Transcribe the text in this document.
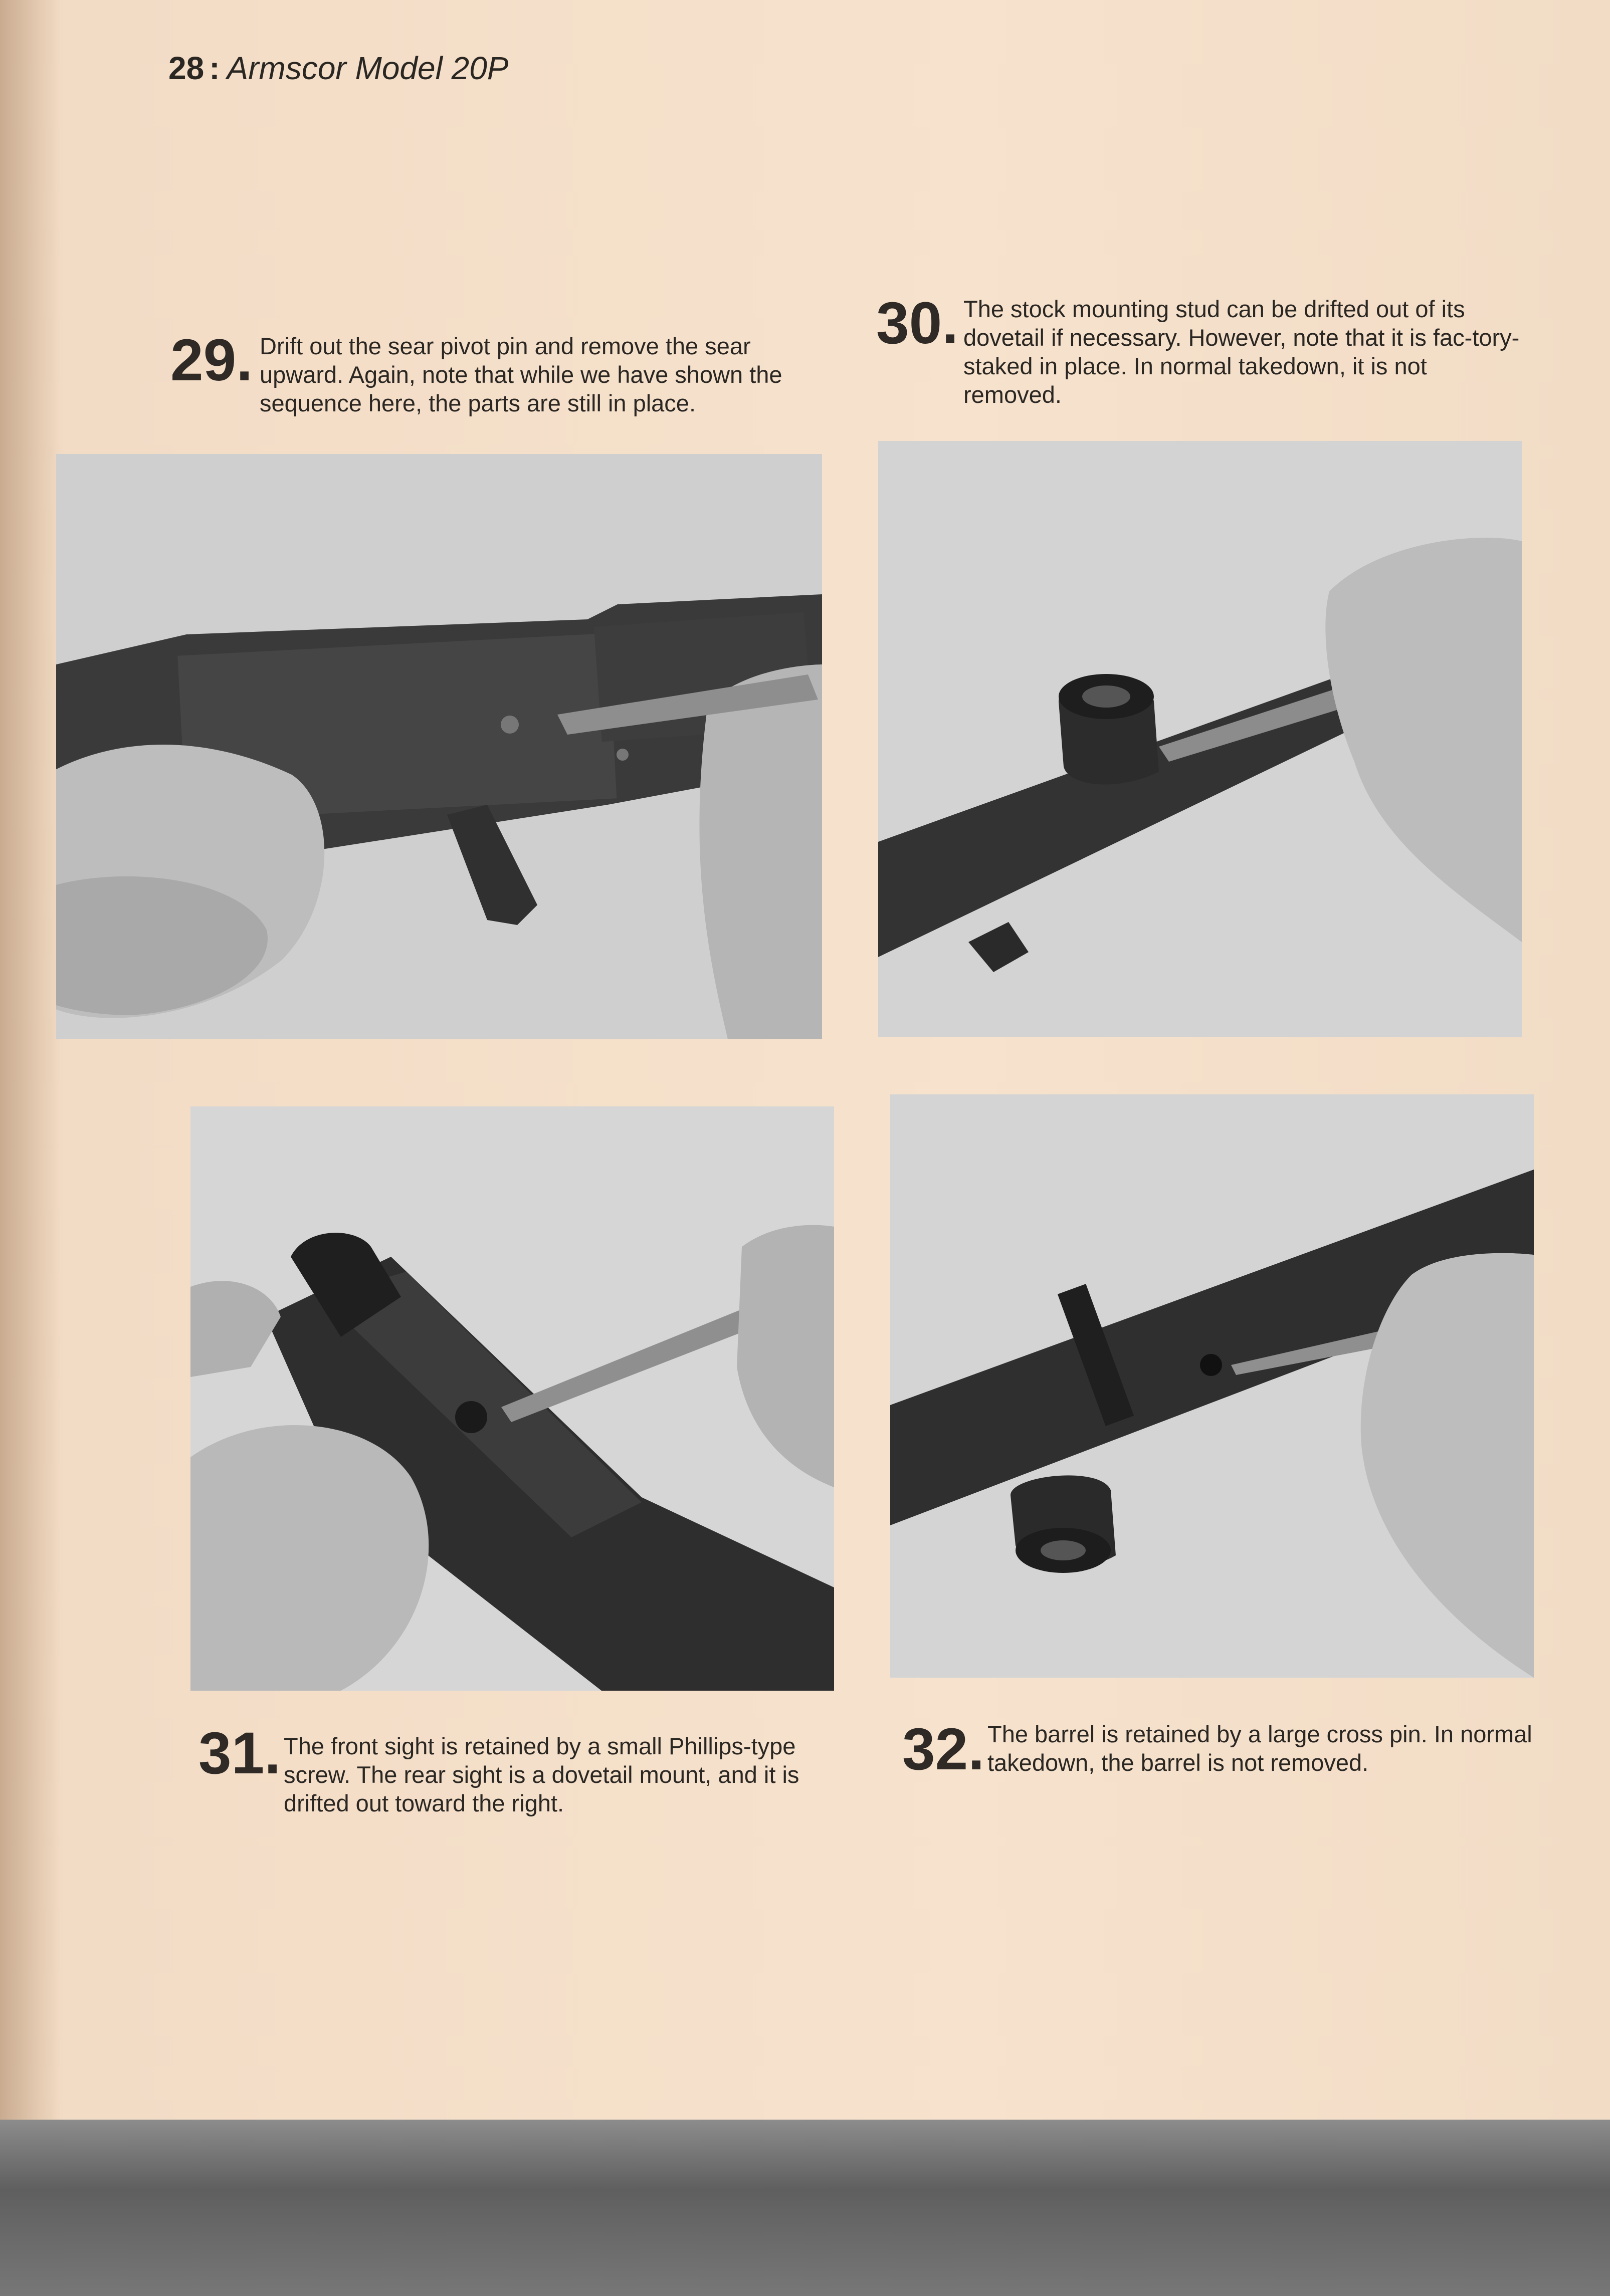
28 : Armscor Model 20P
29. Drift out the sear pivot pin and remove the sear upward. Again, note that while we have shown the sequence here, the parts are still in place.
30. The stock mounting stud can be drifted out of its dovetail if necessary. However, note that it is fac-tory-staked in place. In normal takedown, it is not removed.
31. The front sight is retained by a small Phillips-type screw. The rear sight is a dovetail mount, and it is drifted out toward the right.
32. The barrel is retained by a large cross pin. In normal takedown, the barrel is not removed.
